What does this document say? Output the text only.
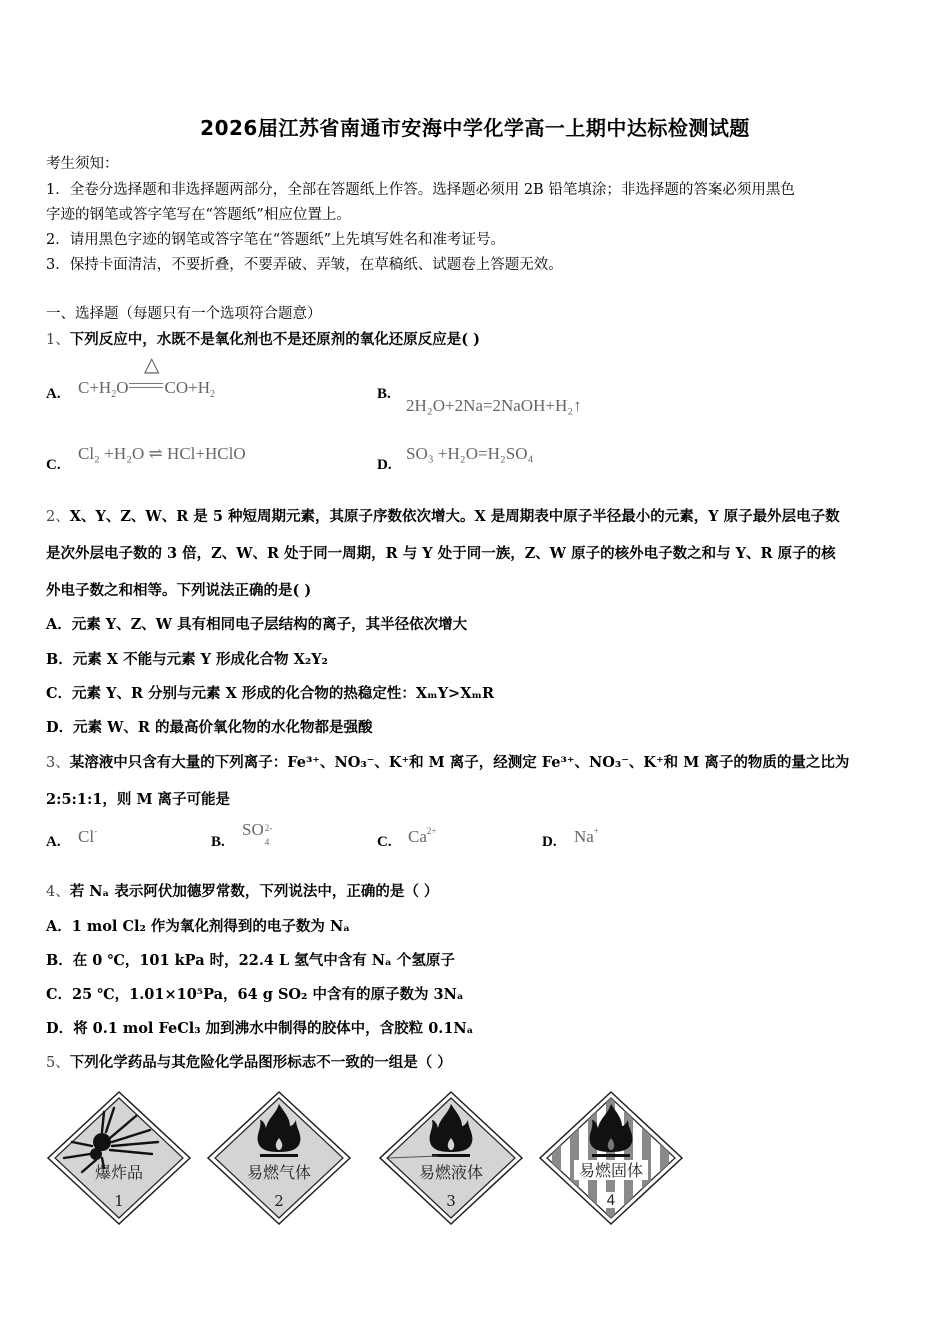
2026届江苏省南通市安海中学化学高一上期中达标检测试题
考生须知：
1．全卷分选择题和非选择题两部分，全部在答题纸上作答。选择题必须用 2B 铅笔填涂；非选择题的答案必须用黑色
字迹的钢笔或答字笔写在“答题纸”相应位置上。
2．请用黑色字迹的钢笔或答字笔在“答题纸”上先填写姓名和准考证号。
3．保持卡面清洁，不要折叠，不要弄破、弄皱，在草稿纸、试题卷上答题无效。
一、选择题（每题只有一个选项符合题意）
1、下列反应中，水既不是氧化剂也不是还原剂的氧化还原反应是( )
A.
△
$C+H_2O$ $CO+H_2$	B.
2H₂O+2Na=2NaOH+H₂↑
C.
Cl₂ +H₂O ⇌ HCl+HClO
D.
SO₃ +H₂O=H₂SO₄
2、X、Y、Z、W、R 是 5 种短周期元素，其原子序数依次增大。X 是周期表中原子半径最小的元素，Y 原子最外层电子数
是次外层电子数的 3 倍，Z、W、R 处于同一周期，R 与 Y 处于同一族，Z、W 原子的核外电子数之和与 Y、R 原子的核
外电子数之和相等。下列说法正确的是( )
A．元素 Y、Z、W 具有相同电子层结构的离子，其半径依次增大
B．元素 X 不能与元素 Y 形成化合物 X₂Y₂
C．元素 Y、R 分别与元素 X 形成的化合物的热稳定性：XₘY>XₘR
D．元素 W、R 的最高价氧化物的水化物都是强酸
3、某溶液中只含有大量的下列离子：Fe³⁺、NO₃⁻、K⁺和 M 离子，经测定 Fe³⁺、NO₃⁻、K⁺和 M 离子的物质的量之比为
2:5:1:1，则 M 离子可能是
A. Cl-
B.
SO 2-
4	C. $Ca^{2+}$
D. Na+
4、若 Nₐ 表示阿伏加德罗常数，下列说法中，正确的是（ ）
A．1 mol Cl₂ 作为氧化剂得到的电子数为 Nₐ
B．在 0 ℃，101 kPa 时，22.4 L 氢气中含有 Nₐ 个氢原子
C．25 ℃，1.01×10⁵Pa，64 g SO₂ 中含有的原子数为 3Nₐ
D．将 0.1 mol FeCl₃ 加到沸水中制得的胶体中，含胶粒 0.1Nₐ
5、下列化学药品与其危险化学品图形标志不一致的一组是（ ）
爆炸品
1
易燃气体
2
易燃液体
3
易燃固体
4
